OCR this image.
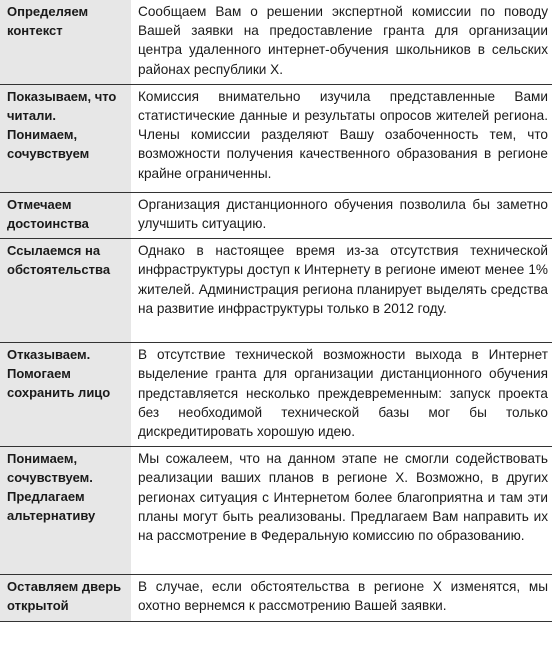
Определяем контекст	Сообщаем Вам о решении экспертной комиссии по поводу Вашей заявки на предоставление гранта для организации центра удаленного интернет-обучения школьников в сельских районах республики X.

Показываем, что читали. Понимаем, сочувствуем	Комиссия внимательно изучила представленные Вами статистические данные и результаты опросов жителей региона. Члены комиссии разделяют Вашу озабоченность тем, что возможности получения качественного образования в регионе крайне ограниченны.

Отмечаем достоинства	Организация дистанционного обучения позволила бы заметно улучшить ситуацию.

Ссылаемся на обстоятельства	Однако в настоящее время из-за отсутствия технической инфраструктуры доступ к Интернету в регионе имеют менее 1% жителей. Администрация региона планирует выделять средства на развитие инфраструктуры только в 2012 году.

Отказываем. Помогаем сохранить лицо	В отсутствие технической возможности выхода в Интернет выделение гранта для организации дистанционного обучения представляется несколько преждевременным: запуск проекта без необходимой технической базы мог бы только дискредитировать хорошую идею.

Понимаем, сочувствуем. Предлагаем альтернативу	Мы сожалеем, что на данном этапе не смогли содействовать реализации ваших планов в регионе X. Возможно, в других регионах ситуация с Интернетом более благоприятна и там эти планы могут быть реализованы. Предлагаем Вам направить их на рассмотрение в Федеральную комиссию по образованию.

Оставляем дверь открытой	В случае, если обстоятельства в регионе X изменятся, мы охотно вернемся к рассмотрению Вашей заявки.
